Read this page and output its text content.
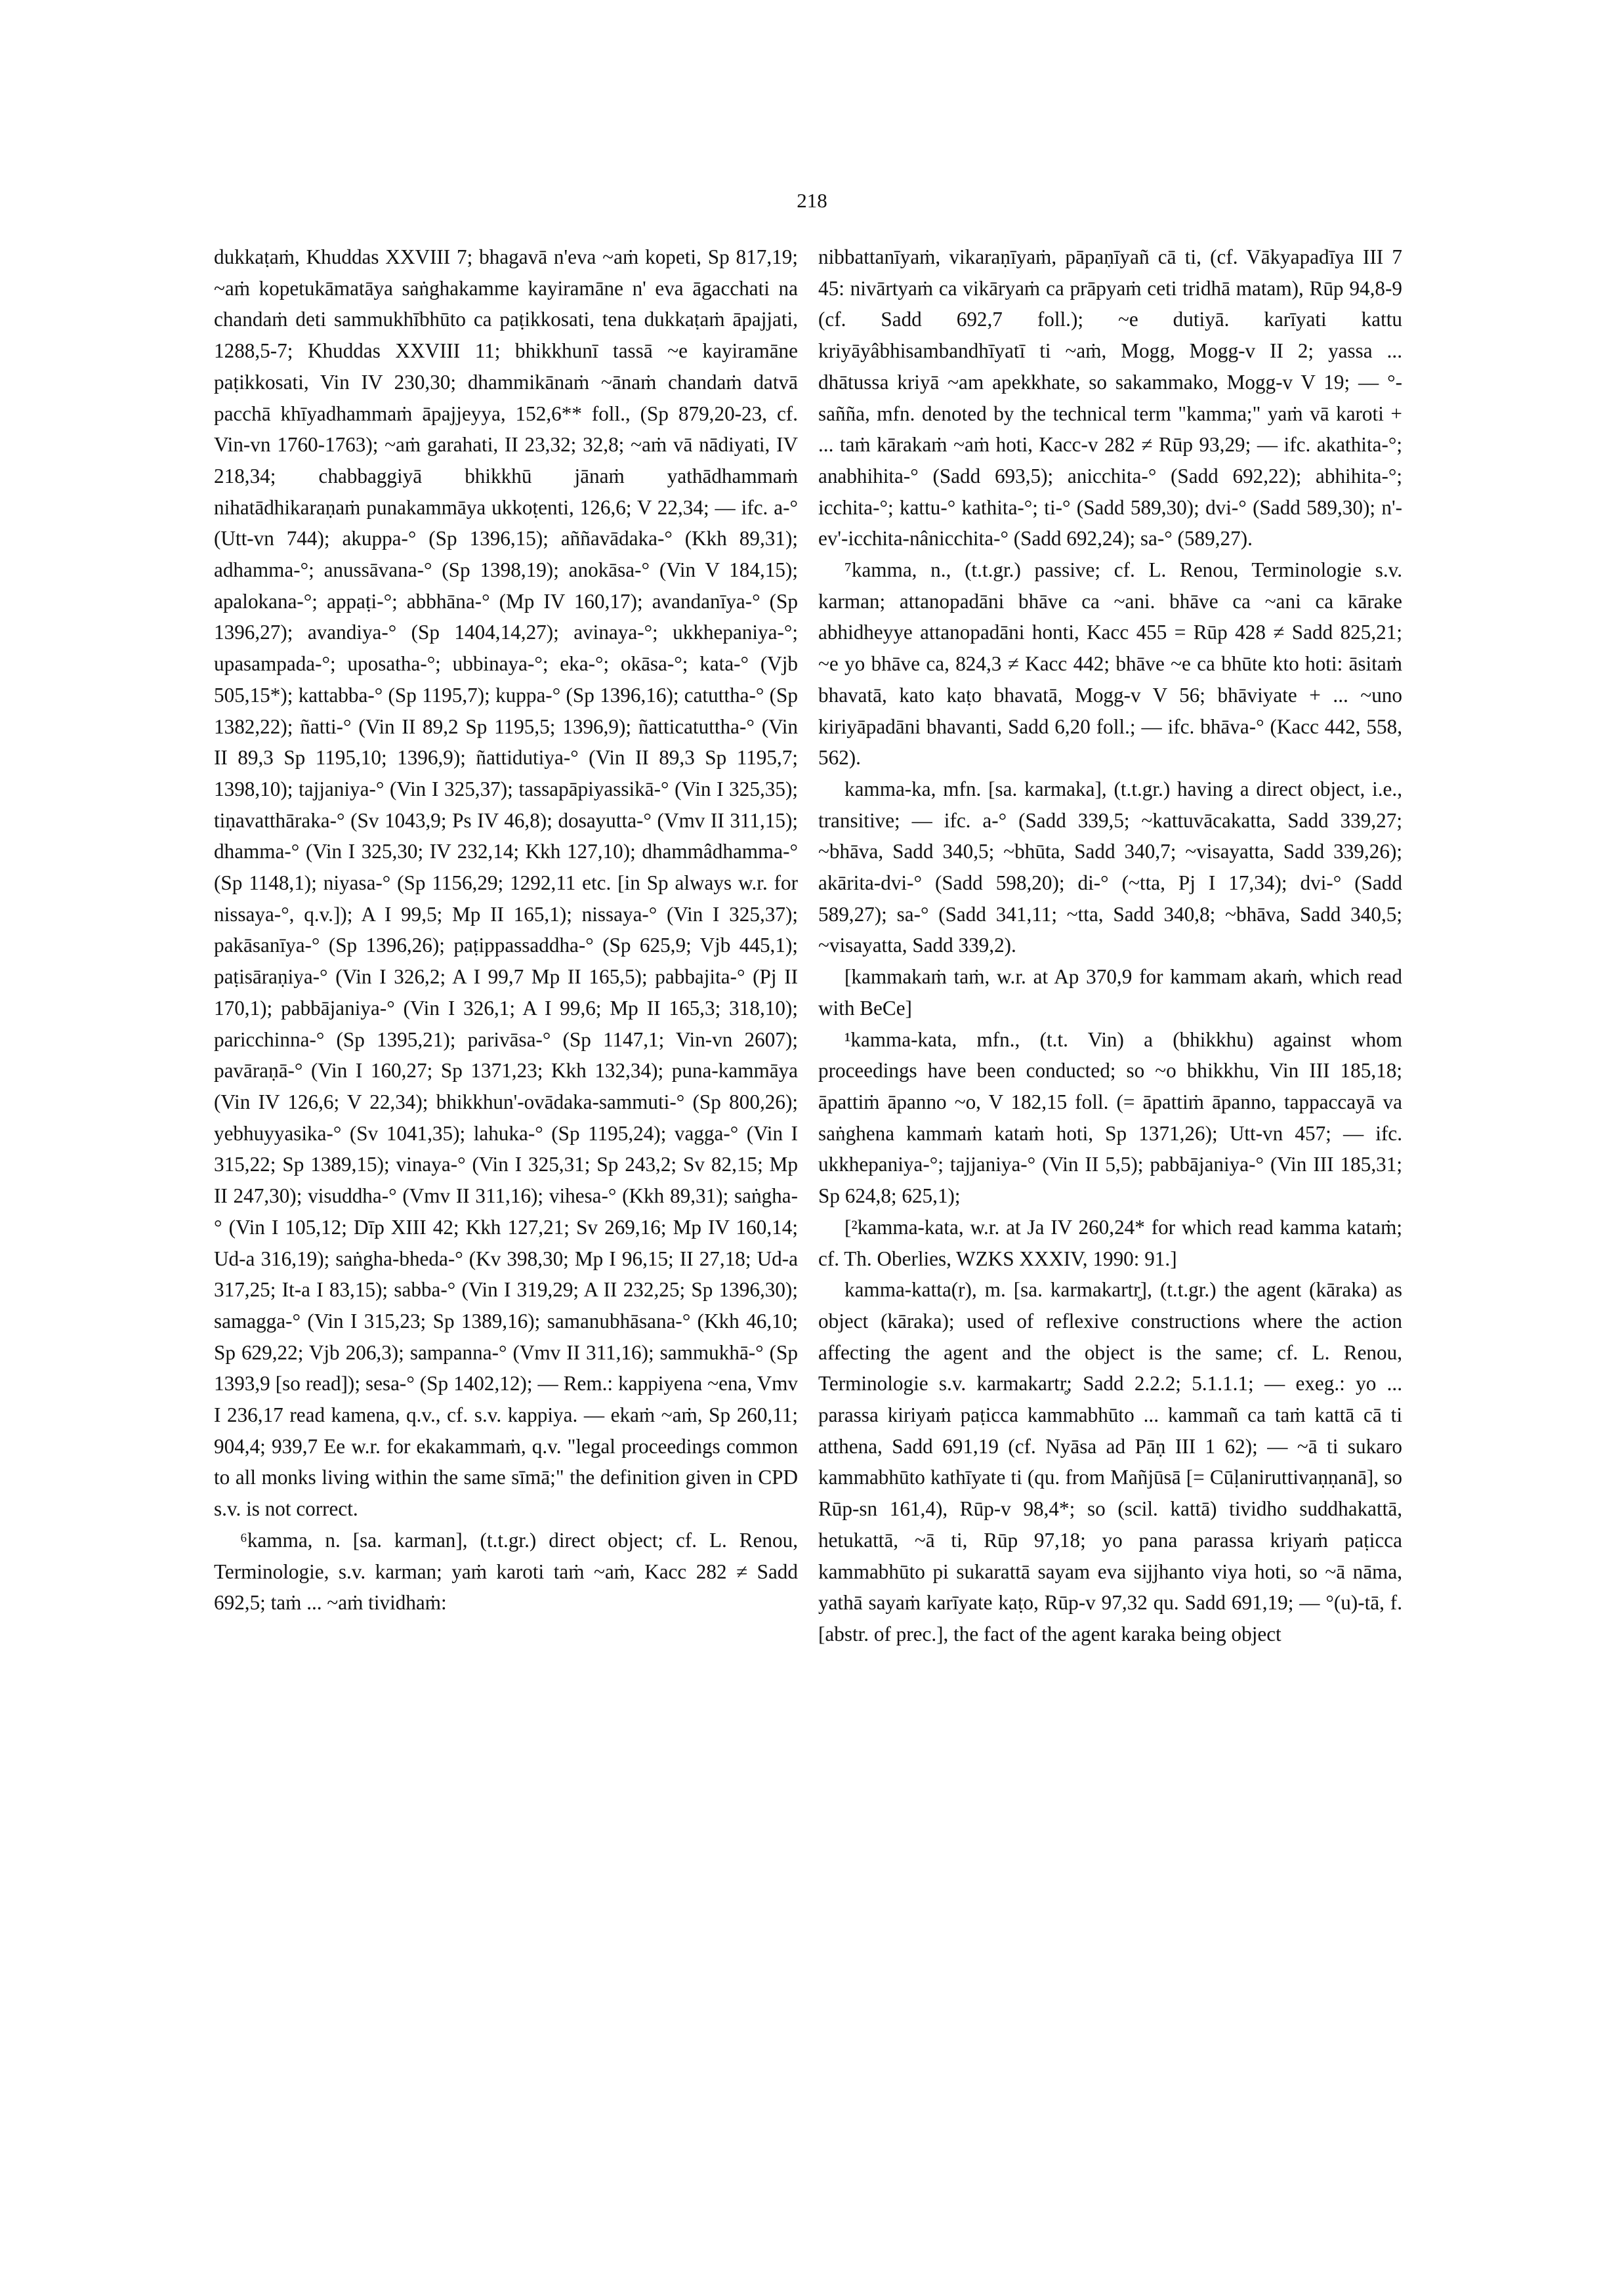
218

dukkaṭaṁ, Khuddas XXVIII 7; bhagavā n'eva ~aṁ kopeti, Sp 817,19; ~aṁ kopetukāmatāya saṅghakamme kayiramāne n' eva āgacchati na chandaṁ deti sammukhībhūto ca paṭikkosati, tena dukkaṭaṁ āpajjati, 1288,5-7; Khuddas XXVIII 11; bhikkhunī tassā ~e kayiramāne paṭikkosati, Vin IV 230,30; dhammikānaṁ ~ānaṁ chandaṁ datvā pacchā khīyadhammaṁ āpajjeyya, 152,6** foll., (Sp 879,20-23, cf. Vin-vn 1760-1763); ~aṁ garahati, II 23,32; 32,8; ~aṁ vā nādiyati, IV 218,34; chabbaggiyā bhikkhū jānaṁ yathādhammaṁ nihatādhikaraṇaṁ punakammāya ukkoṭenti, 126,6; V 22,34; — ifc. a-° (Utt-vn 744); akuppa-° (Sp 1396,15); aññavādaka-° (Kkh 89,31); adhamma-°; anussāvana-° (Sp 1398,19); anokāsa-° (Vin V 184,15); apalokana-°; appaṭi-°; abbhāna-° (Mp IV 160,17); avandanīya-° (Sp 1396,27); avandiya-° (Sp 1404,14,27); avinaya-°; ukkhepaniya-°; upasampada-°; uposatha-°; ubbinaya-°; eka-°; okāsa-°; kata-° (Vjb 505,15*); kattabba-° (Sp 1195,7); kuppa-° (Sp 1396,16); catuttha-° (Sp 1382,22); ñatti-° (Vin II 89,2 Sp 1195,5; 1396,9); ñatticatuttha-° (Vin II 89,3 Sp 1195,10; 1396,9); ñattidutiya-° (Vin II 89,3 Sp 1195,7; 1398,10); tajjaniya-° (Vin I 325,37); tassapāpiyassikā-° (Vin I 325,35); tiṇavatthāraka-° (Sv 1043,9; Ps IV 46,8); dosayutta-° (Vmv II 311,15); dhamma-° (Vin I 325,30; IV 232,14; Kkh 127,10); dhammâdhamma-° (Sp 1148,1); niyasa-° (Sp 1156,29; 1292,11 etc. [in Sp always w.r. for nissaya-°, q.v.]); A I 99,5; Mp II 165,1); nissaya-° (Vin I 325,37); pakāsanīya-° (Sp 1396,26); paṭippassaddha-° (Sp 625,9; Vjb 445,1); paṭisāraṇiya-° (Vin I 326,2; A I 99,7 Mp II 165,5); pabbajita-° (Pj II 170,1); pabbājaniya-° (Vin I 326,1; A I 99,6; Mp II 165,3; 318,10); paricchinna-° (Sp 1395,21); parivāsa-° (Sp 1147,1; Vin-vn 2607); pavāraṇā-° (Vin I 160,27; Sp 1371,23; Kkh 132,34); puna-kammāya (Vin IV 126,6; V 22,34); bhikkhun'-ovādaka-sammuti-° (Sp 800,26); yebhuyyasika-° (Sv 1041,35); lahuka-° (Sp 1195,24); vagga-° (Vin I 315,22; Sp 1389,15); vinaya-° (Vin I 325,31; Sp 243,2; Sv 82,15; Mp II 247,30); visuddha-° (Vmv II 311,16); vihesa-° (Kkh 89,31); saṅgha-° (Vin I 105,12; Dīp XIII 42; Kkh 127,21; Sv 269,16; Mp IV 160,14; Ud-a 316,19); saṅgha-bheda-° (Kv 398,30; Mp I 96,15; II 27,18; Ud-a 317,25; It-a I 83,15); sabba-° (Vin I 319,29; A II 232,25; Sp 1396,30); samagga-° (Vin I 315,23; Sp 1389,16); samanubhāsana-° (Kkh 46,10; Sp 629,22; Vjb 206,3); sampanna-° (Vmv II 311,16); sammukhā-° (Sp 1393,9 [so read]); sesa-° (Sp 1402,12); — Rem.: kappiyena ~ena, Vmv I 236,17 read kamena, q.v., cf. s.v. kappiya. — ekaṁ ~aṁ, Sp 260,11; 904,4; 939,7 Ee w.r. for ekakammaṁ, q.v. "legal proceedings common to all monks living within the same sīmā;" the definition given in CPD s.v. is not correct.

⁶kamma, n. [sa. karman], (t.t.gr.) direct object; cf. L. Renou, Terminologie, s.v. karman; yaṁ karoti taṁ ~aṁ, Kacc 282 ≠ Sadd 692,5; taṁ ... ~aṁ tividhaṁ:

nibbattanīyaṁ, vikaraṇīyaṁ, pāpaṇīyañ cā ti, (cf. Vākyapadīya III 7 45: nivārtyaṁ ca vikāryaṁ ca prāpyaṁ ceti tridhā matam), Rūp 94,8-9 (cf. Sadd 692,7 foll.); ~e dutiyā. karīyati kattu kriyāyâbhisambandhīyatī ti ~aṁ, Mogg, Mogg-v II 2; yassa ... dhātussa kriyā ~am apekkhate, so sakammako, Mogg-v V 19; — °-sañña, mfn. denoted by the technical term "kamma;" yaṁ vā karoti + ... taṁ kārakaṁ ~aṁ hoti, Kacc-v 282 ≠ Rūp 93,29; — ifc. akathita-°; anabhihita-° (Sadd 693,5); anicchita-° (Sadd 692,22); abhihita-°; icchita-°; kattu-° kathita-°; ti-° (Sadd 589,30); dvi-° (Sadd 589,30); n'-ev'-icchita-nânicchita-° (Sadd 692,24); sa-° (589,27).

⁷kamma, n., (t.t.gr.) passive; cf. L. Renou, Terminologie s.v. karman; attanopadāni bhāve ca ~ani. bhāve ca ~ani ca kārake abhidheyye attanopadāni honti, Kacc 455 = Rūp 428 ≠ Sadd 825,21; ~e yo bhāve ca, 824,3 ≠ Kacc 442; bhāve ~e ca bhūte kto hoti: āsitaṁ bhavatā, kato kaṭo bhavatā, Mogg-v V 56; bhāviyate + ... ~uno kiriyāpadāni bhavanti, Sadd 6,20 foll.; — ifc. bhāva-° (Kacc 442, 558, 562).

kamma-ka, mfn. [sa. karmaka], (t.t.gr.) having a direct object, i.e., transitive; — ifc. a-° (Sadd 339,5; ~kattuvācakatta, Sadd 339,27; ~bhāva, Sadd 340,5; ~bhūta, Sadd 340,7; ~visayatta, Sadd 339,26); akārita-dvi-° (Sadd 598,20); di-° (~tta, Pj I 17,34); dvi-° (Sadd 589,27); sa-° (Sadd 341,11; ~tta, Sadd 340,8; ~bhāva, Sadd 340,5; ~visayatta, Sadd 339,2).

[kammakaṁ taṁ, w.r. at Ap 370,9 for kammam akaṁ, which read with BeCe]

¹kamma-kata, mfn., (t.t. Vin) a (bhikkhu) against whom proceedings have been conducted; so ~o bhikkhu, Vin III 185,18; āpattiṁ āpanno ~o, V 182,15 foll. (= āpattiṁ āpanno, tappaccayā va saṅghena kammaṁ kataṁ hoti, Sp 1371,26); Utt-vn 457; — ifc. ukkhepaniya-°; tajjaniya-° (Vin II 5,5); pabbājaniya-° (Vin III 185,31; Sp 624,8; 625,1);

[²kamma-kata, w.r. at Ja IV 260,24* for which read kamma kataṁ; cf. Th. Oberlies, WZKS XXXIV, 1990: 91.]

kamma-katta(r), m. [sa. karmakartr̥], (t.t.gr.) the agent (kāraka) as object (kāraka); used of reflexive constructions where the action affecting the agent and the object is the same; cf. L. Renou, Terminologie s.v. karmakartr̥; Sadd 2.2.2; 5.1.1.1; — exeg.: yo ... parassa kiriyaṁ paṭicca kammabhūto ... kammañ ca taṁ kattā cā ti atthena, Sadd 691,19 (cf. Nyāsa ad Pāṇ III 1 62); — ~ā ti sukaro kammabhūto kathīyate ti (qu. from Mañjūsā [= Cūḷaniruttivaṇṇanā], so Rūp-sn 161,4), Rūp-v 98,4*; so (scil. kattā) tividho suddhakattā, hetukattā, ~ā ti, Rūp 97,18; yo pana parassa kriyaṁ paṭicca kammabhūto pi sukarattā sayam eva sijjhanto viya hoti, so ~ā nāma, yathā sayaṁ karīyate kaṭo, Rūp-v 97,32 qu. Sadd 691,19; — °(u)-tā, f. [abstr. of prec.], the fact of the agent karaka being object
